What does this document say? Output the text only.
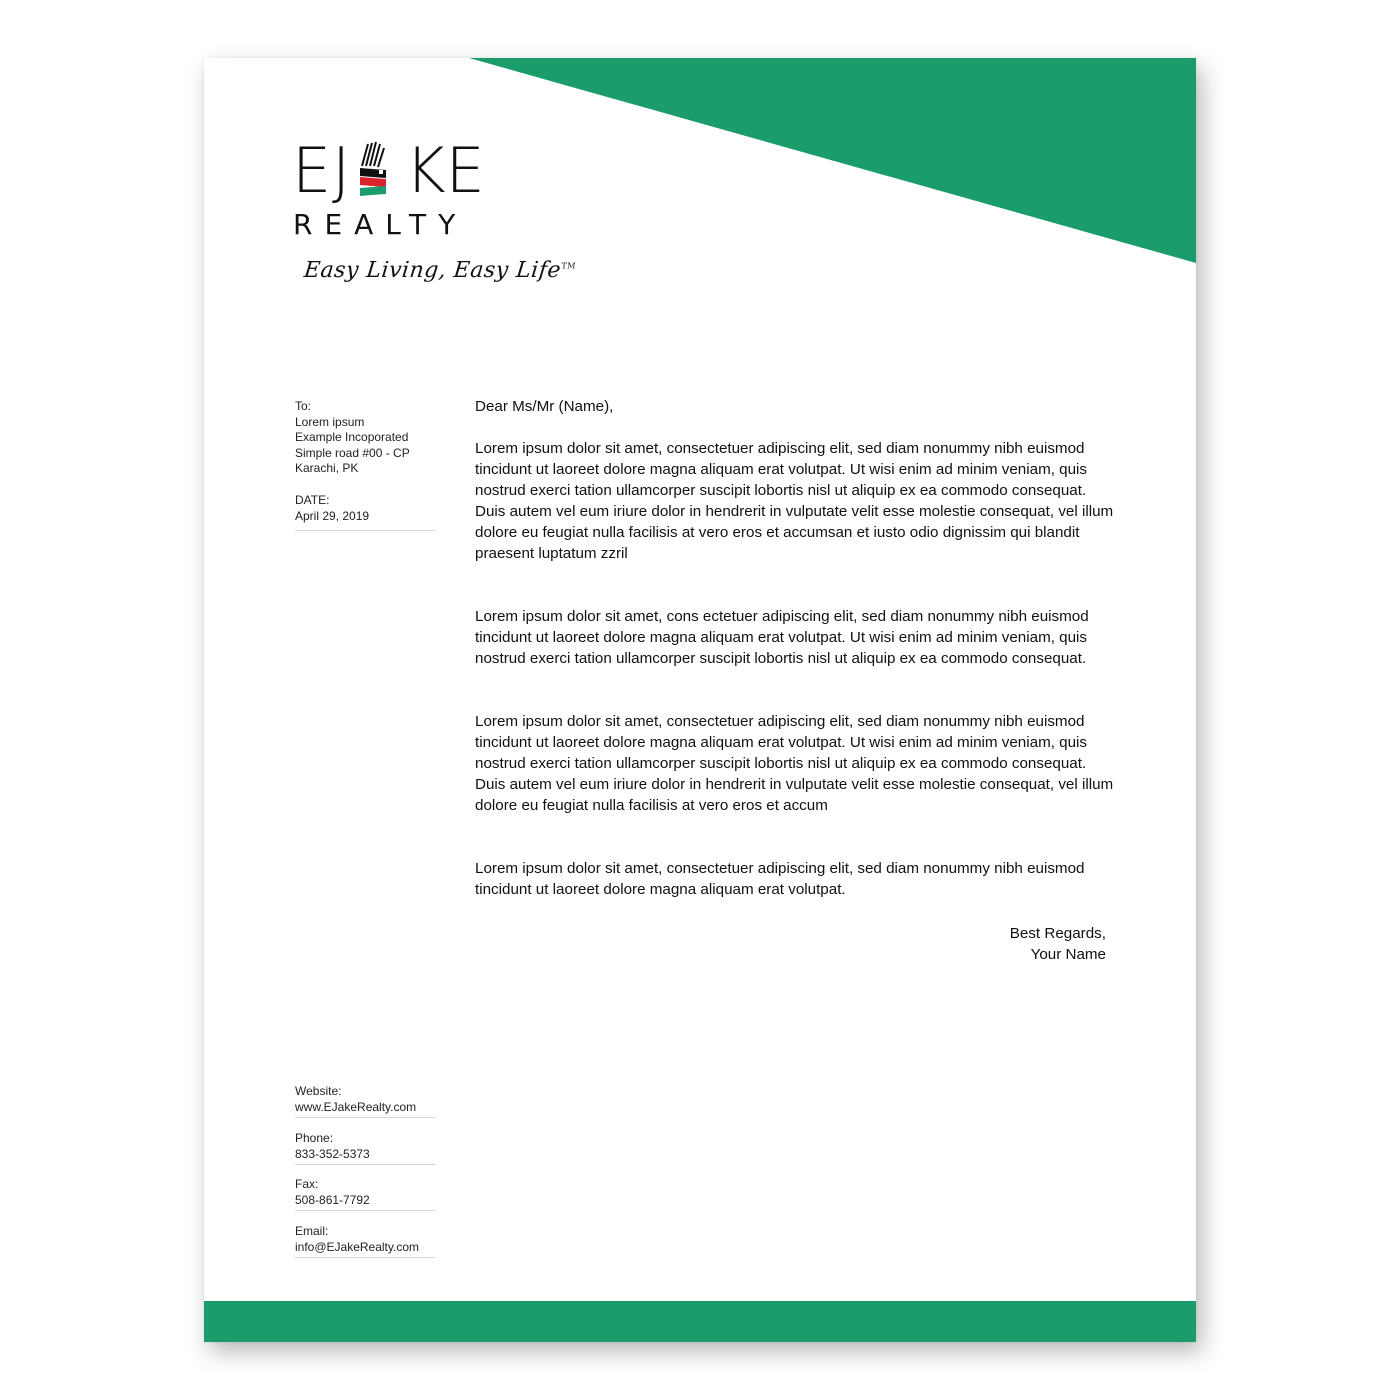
E J KE
REALTY
Easy Living, Easy Life™
To:
Lorem ipsum
Example Incoporated
Simple road #00 - CP
Karachi, PK
DATE:
April 29, 2019

Dear Ms/Mr (Name),

Lorem ipsum dolor sit amet, consectetuer adipiscing elit, sed diam nonummy nibh euismod tincidunt ut laoreet dolore magna aliquam erat volutpat. Ut wisi enim ad minim veniam, quis nostrud exerci tation ullamcorper suscipit lobortis nisl ut aliquip ex ea commodo consequat. Duis autem vel eum iriure dolor in hendrerit in vulputate velit esse molestie consequat, vel illum dolore eu feugiat nulla facilisis at vero eros et accumsan et iusto odio dignissim qui blandit praesent luptatum zzril

Lorem ipsum dolor sit amet, cons ectetuer adipiscing elit, sed diam nonummy nibh euismod tincidunt ut laoreet dolore magna aliquam erat volutpat. Ut wisi enim ad minim veniam, quis nostrud exerci tation ullamcorper suscipit lobortis nisl ut aliquip ex ea commodo consequat.

Lorem ipsum dolor sit amet, consectetuer adipiscing elit, sed diam nonummy nibh euismod tincidunt ut laoreet dolore magna aliquam erat volutpat. Ut wisi enim ad minim veniam, quis nostrud exerci tation ullamcorper suscipit lobortis nisl ut aliquip ex ea commodo consequat. Duis autem vel eum iriure dolor in hendrerit in vulputate velit esse molestie consequat, vel illum dolore eu feugiat nulla facilisis at vero eros et accum

Lorem ipsum dolor sit amet, consectetuer adipiscing elit, sed diam nonummy nibh euismod tincidunt ut laoreet dolore magna aliquam erat volutpat.

Best Regards,
Your Name
Website:
www.EJakeRealty.com
Phone:
833-352-5373
Fax:
508-861-7792
Email:
info@EJakeRealty.com
